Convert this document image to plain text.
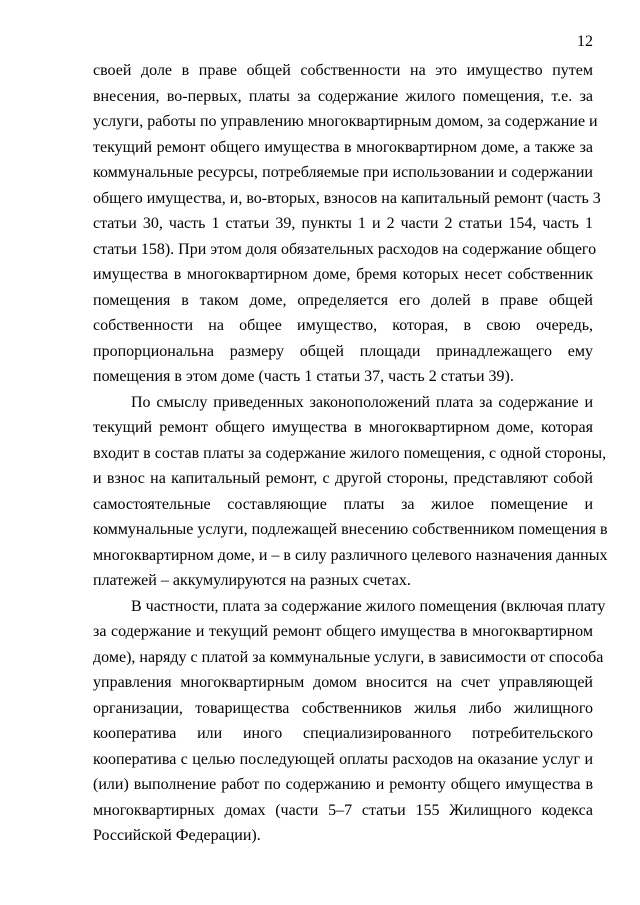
12
своей доле в праве общей собственности на это имущество путем
внесения, во-первых, платы за содержание жилого помещения, т.е. за
услуги, работы по управлению многоквартирным домом, за содержание и
текущий ремонт общего имущества в многоквартирном доме, а также за
коммунальные ресурсы, потребляемые при использовании и содержании
общего имущества, и, во-вторых, взносов на капитальный ремонт (часть 3
статьи 30, часть 1 статьи 39, пункты 1 и 2 части 2 статьи 154, часть 1
статьи 158). При этом доля обязательных расходов на содержание общего
имущества в многоквартирном доме, бремя которых несет собственник
помещения в таком доме, определяется его долей в праве общей
собственности на общее имущество, которая, в свою очередь,
пропорциональна размеру общей площади принадлежащего ему
помещения в этом доме (часть 1 статьи 37, часть 2 статьи 39).
По смыслу приведенных законоположений плата за содержание и
текущий ремонт общего имущества в многоквартирном доме, которая
входит в состав платы за содержание жилого помещения, с одной стороны,
и взнос на капитальный ремонт, с другой стороны, представляют собой
самостоятельные составляющие платы за жилое помещение и
коммунальные услуги, подлежащей внесению собственником помещения в
многоквартирном доме, и – в силу различного целевого назначения данных
платежей – аккумулируются на разных счетах.
В частности, плата за содержание жилого помещения (включая плату
за содержание и текущий ремонт общего имущества в многоквартирном
доме), наряду с платой за коммунальные услуги, в зависимости от способа
управления многоквартирным домом вносится на счет управляющей
организации, товарищества собственников жилья либо жилищного
кооператива или иного специализированного потребительского
кооператива с целью последующей оплаты расходов на оказание услуг и
(или) выполнение работ по содержанию и ремонту общего имущества в
многоквартирных домах (части 5–7 статьи 155 Жилищного кодекса
Российской Федерации).
